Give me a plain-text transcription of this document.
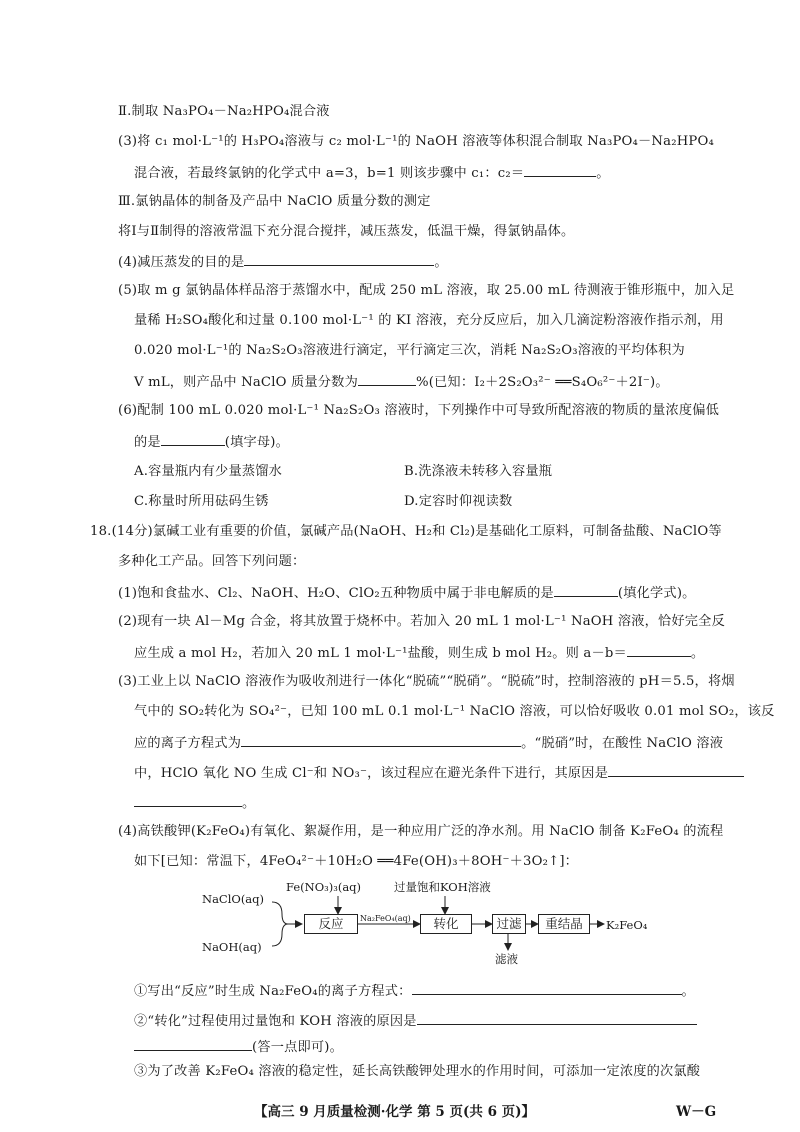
Ⅱ.制取 Na₃PO₄－Na₂HPO₄混合液
(3)将 c₁ mol·L⁻¹的 H₃PO₄溶液与 c₂ mol·L⁻¹的 NaOH 溶液等体积混合制取 Na₃PO₄－Na₂HPO₄
混合液，若最终氯钠的化学式中 a=3，b=1 则该步骤中 c₁：c₂＝	。
Ⅲ.氯钠晶体的制备及产品中 NaClO 质量分数的测定
将Ⅰ与Ⅱ制得的溶液常温下充分混合搅拌，减压蒸发，低温干燥，得氯钠晶体。
(4)减压蒸发的目的是	。
(5)取 m g 氯钠晶体样品溶于蒸馏水中，配成 250 mL 溶液，取 25.00 mL 待测液于锥形瓶中，加入足
量稀 H₂SO₄酸化和过量 0.100 mol·L⁻¹ 的 KI 溶液，充分反应后，加入几滴淀粉溶液作指示剂，用
0.020 mol·L⁻¹的 Na₂S₂O₃溶液进行滴定，平行滴定三次，消耗 Na₂S₂O₃溶液的平均体积为
V mL，则产品中 NaClO 质量分数为	%(已知：I₂＋2S₂O₃²⁻ ══S₄O₆²⁻＋2I⁻)。
(6)配制 100 mL 0.020 mol·L⁻¹ Na₂S₂O₃ 溶液时，下列操作中可导致所配溶液的物质的量浓度偏低
的是	(填字母)。
A.容量瓶内有少量蒸馏水	B.洗涤液未转移入容量瓶
C.称量时所用砝码生锈	D.定容时仰视读数
18.(14分)氯碱工业有重要的价值，氯碱产品(NaOH、H₂和 Cl₂)是基础化工原料，可制备盐酸、NaClO等
多种化工产品。回答下列问题：
(1)饱和食盐水、Cl₂、NaOH、H₂O、ClO₂五种物质中属于非电解质的是	(填化学式)。
(2)现有一块 Al－Mg 合金，将其放置于烧杯中。若加入 20 mL 1 mol·L⁻¹ NaOH 溶液，恰好完全反
应生成 a mol H₂，若加入 20 mL 1 mol·L⁻¹盐酸，则生成 b mol H₂。则 a－b＝	。
(3)工业上以 NaClO 溶液作为吸收剂进行一体化“脱硫”“脱硝”。“脱硫”时，控制溶液的 pH＝5.5，将烟
气中的 SO₂转化为 SO₄²⁻，已知 100 mL 0.1 mol·L⁻¹ NaClO 溶液，可以恰好吸收 0.01 mol SO₂，该反
应的离子方程式为	。“脱硝”时，在酸性 NaClO 溶液
中，HClO 氧化 NO 生成 Cl⁻和 NO₃⁻，该过程应在避光条件下进行，其原因是
。
(4)高铁酸钾(K₂FeO₄)有氧化、絮凝作用，是一种应用广泛的净水剂。用 NaClO 制备 K₂FeO₄ 的流程
如下[已知：常温下，4FeO₄²⁻＋10H₂O ══4Fe(OH)₃＋8OH⁻＋3O₂↑]：
NaClO(aq)
NaOH(aq)
Fe(NO₃)₃(aq)
反应	Na₂FeO₄(aq)
过量饱和KOH溶液
转化	过滤
滤液
重结晶	K₂FeO₄
①写出“反应”时生成 Na₂FeO₄的离子方程式：	。
②“转化”过程使用过量饱和 KOH 溶液的原因是
(答一点即可)。
③为了改善 K₂FeO₄ 溶液的稳定性，延长高铁酸钾处理水的作用时间，可添加一定浓度的次氯酸
【高三 9 月质量检测·化学 第 5 页(共 6 页)】	W－G
